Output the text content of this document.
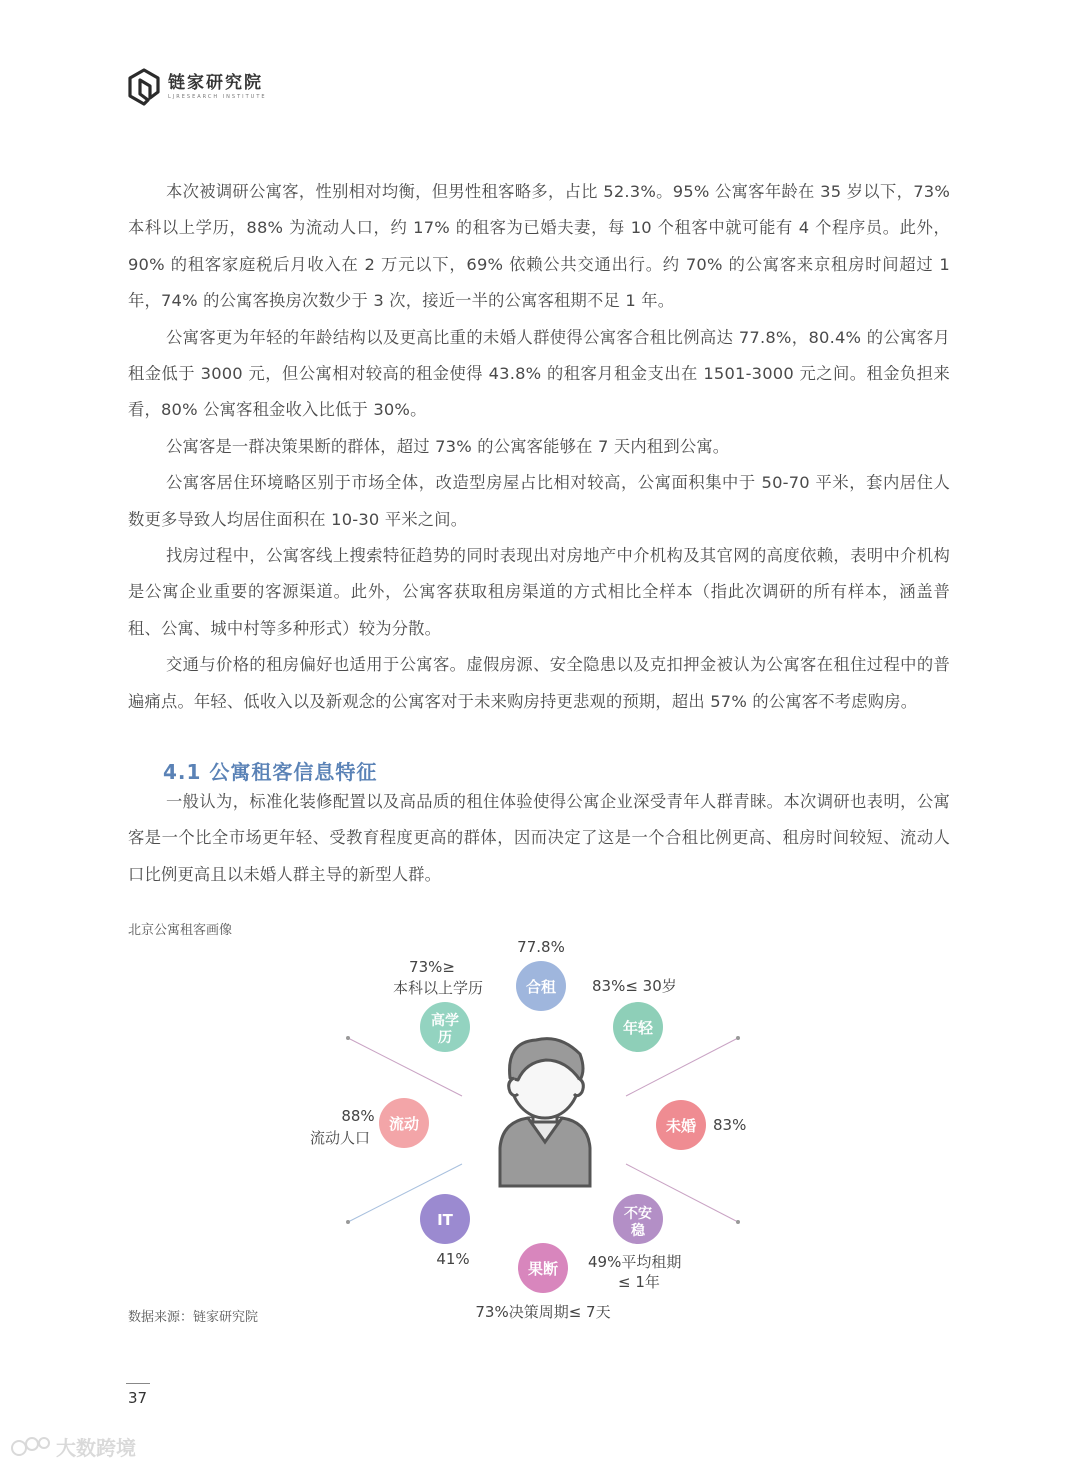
链家研究院
LJRESEARCH INSTITUTE

本次被调研公寓客，性别相对均衡，但男性租客略多，占比 52.3%。95% 公寓客年龄在 35 岁以下，73% 本科以上学历，88% 为流动人口，约 17% 的租客为已婚夫妻，每 10 个租客中就可能有 4 个程序员。此外，90% 的租客家庭税后月收入在 2 万元以下，69% 依赖公共交通出行。约 70% 的公寓客来京租房时间超过 1 年，74% 的公寓客换房次数少于 3 次，接近一半的公寓客租期不足 1 年。

公寓客更为年轻的年龄结构以及更高比重的未婚人群使得公寓客合租比例高达 77.8%，80.4% 的公寓客月租金低于 3000 元，但公寓相对较高的租金使得 43.8% 的租客月租金支出在 1501-3000 元之间。租金负担来看，80% 公寓客租金收入比低于 30%。

公寓客是一群决策果断的群体，超过 73% 的公寓客能够在 7 天内租到公寓。

公寓客居住环境略区别于市场全体，改造型房屋占比相对较高，公寓面积集中于 50-70 平米，套内居住人数更多导致人均居住面积在 10-30 平米之间。

找房过程中，公寓客线上搜索特征趋势的同时表现出对房地产中介机构及其官网的高度依赖，表明中介机构是公寓企业重要的客源渠道。此外，公寓客获取租房渠道的方式相比全样本（指此次调研的所有样本，涵盖普租、公寓、城中村等多种形式）较为分散。

交通与价格的租房偏好也适用于公寓客。虚假房源、安全隐患以及克扣押金被认为公寓客在租住过程中的普遍痛点。年轻、低收入以及新观念的公寓客对于未来购房持更悲观的预期，超出 57% 的公寓客不考虑购房。

4.1 公寓租客信息特征

一般认为，标准化装修配置以及高品质的租住体验使得公寓企业深受青年人群青睐。本次调研也表明，公寓客是一个比全市场更年轻、受教育程度更高的群体，因而决定了这是一个合租比例更高、租房时间较短、流动人口比例更高且以未婚人群主导的新型人群。

北京公寓租客画像
合租
77.8%
年轻
83%≤ 30岁
未婚 83%
不安
稳
49%平均租期
≤ 1年
果断
73%决策周期≤ 7天
IT
41%
流动
88%
流动人口
高学
历
73%≥
本科以上学历
数据来源：链家研究院
37
大数跨境
